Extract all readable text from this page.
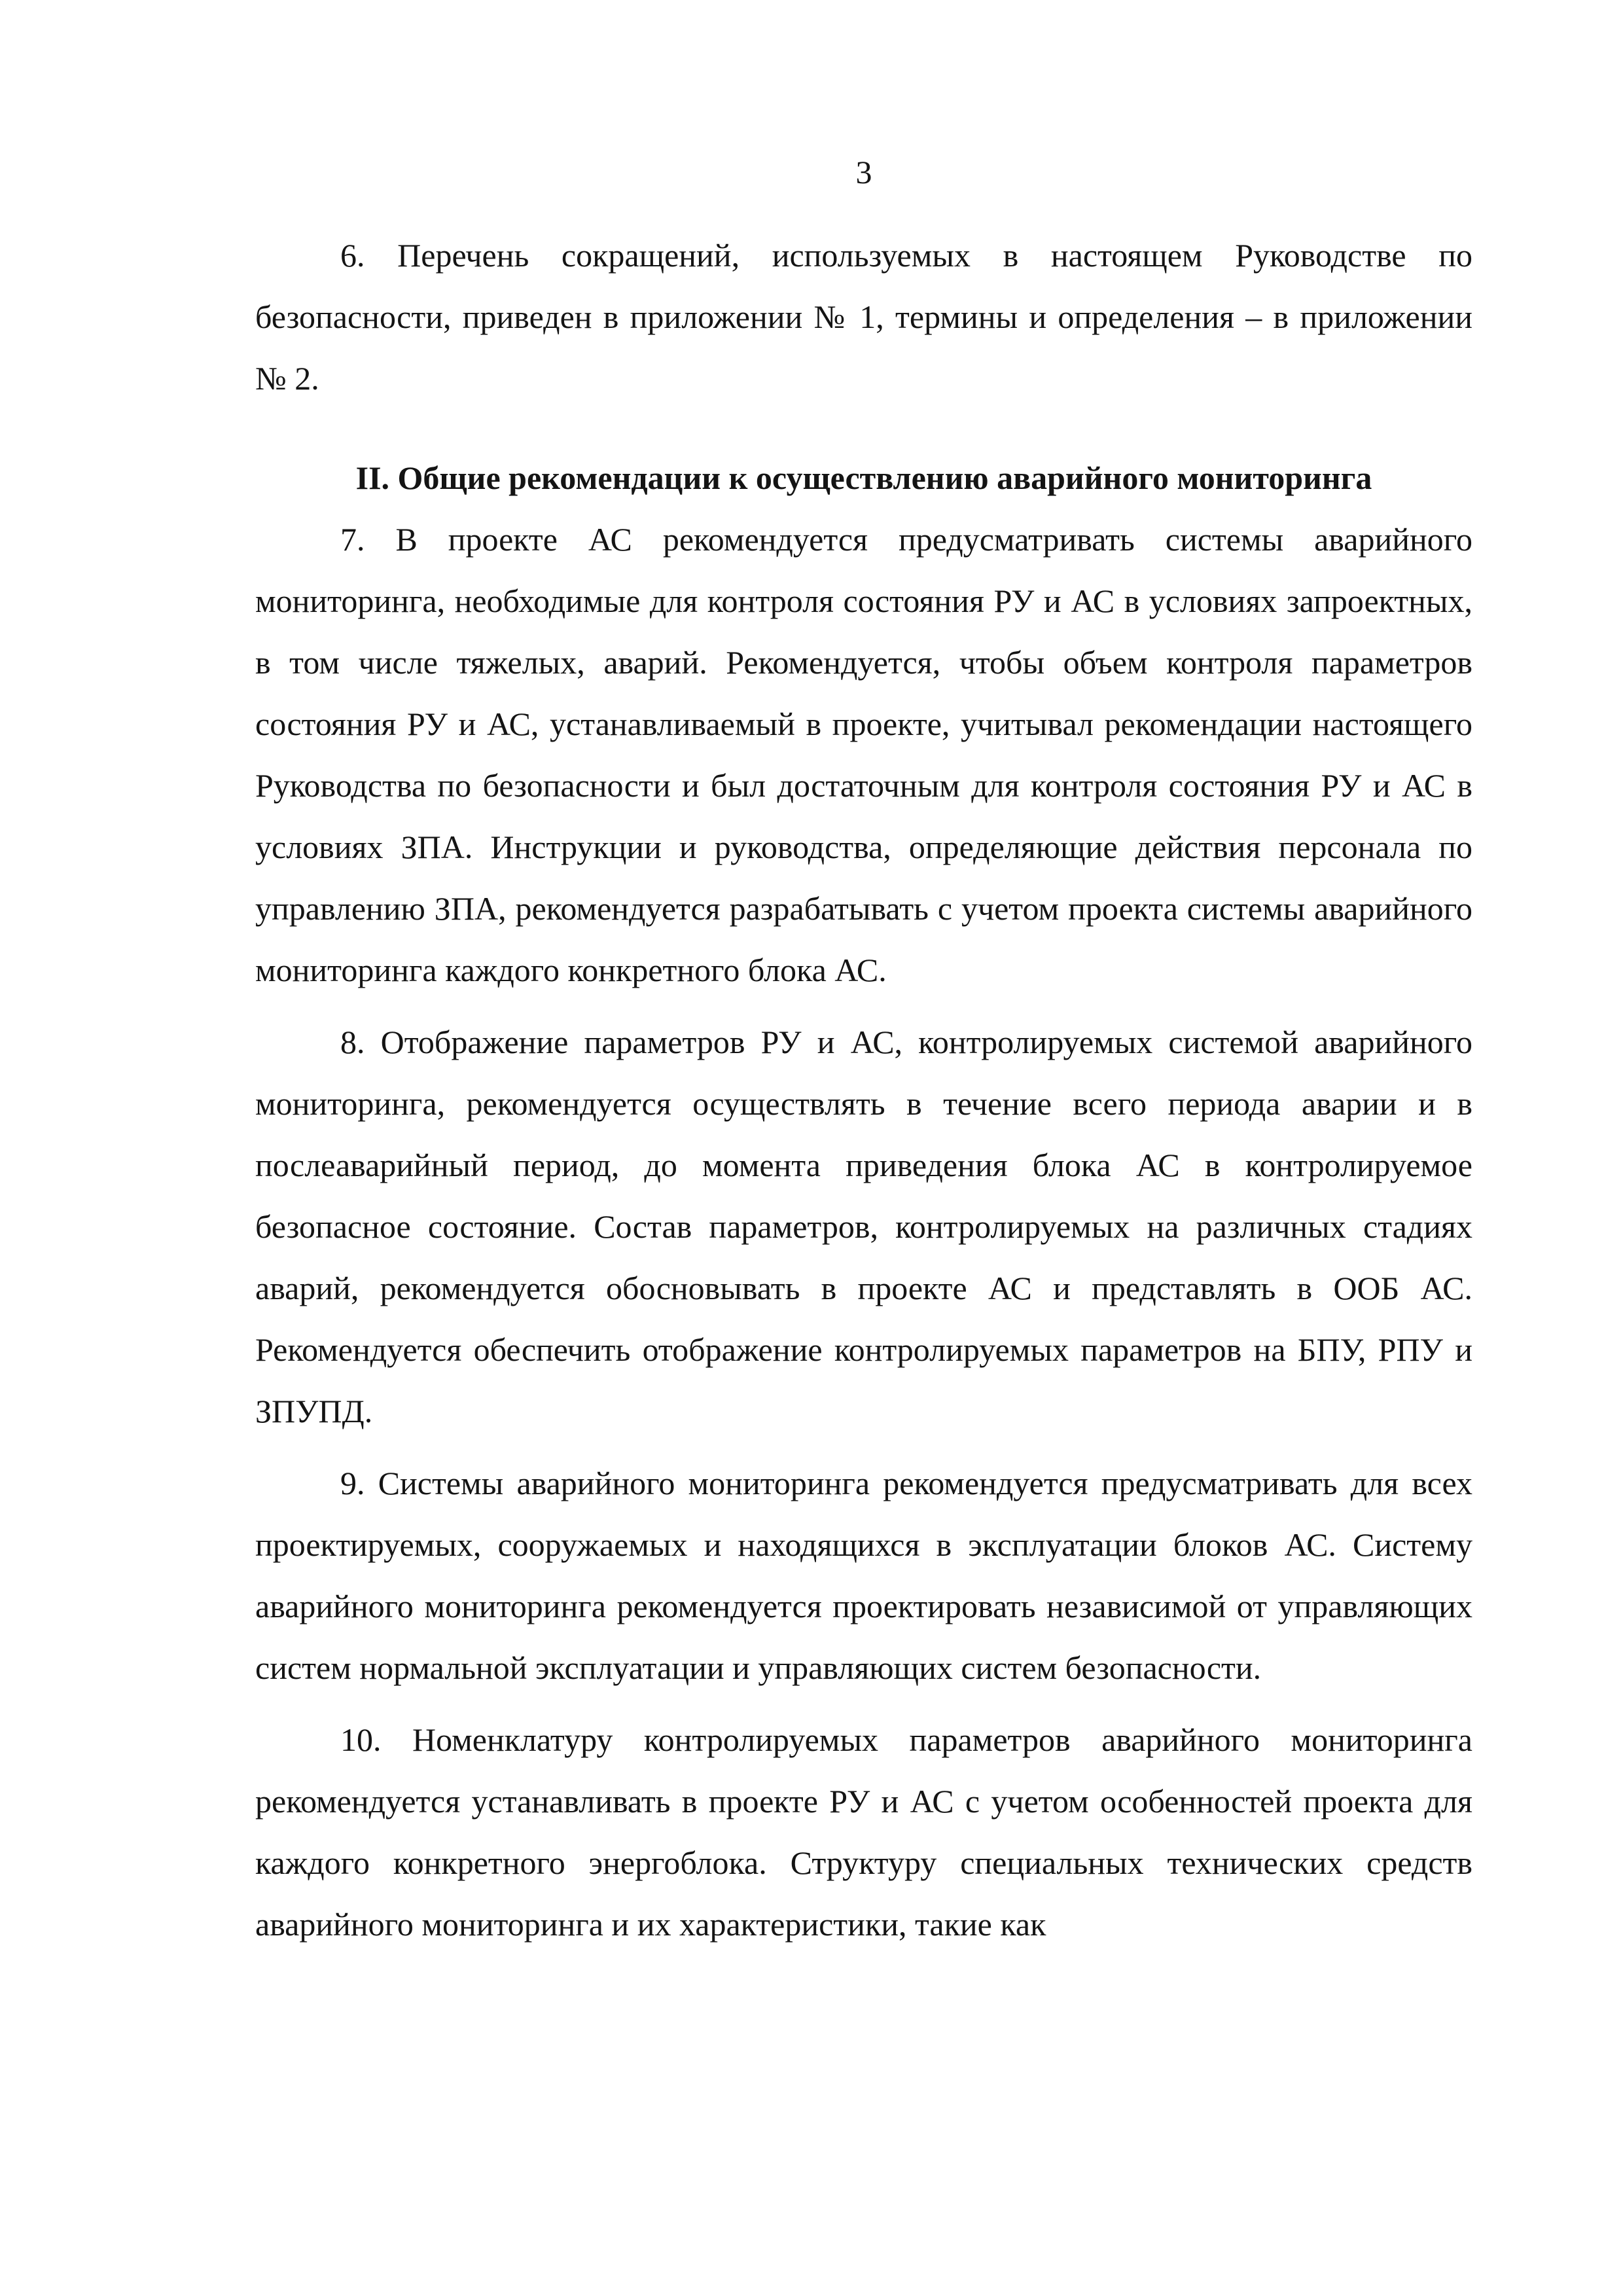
3

6. Перечень сокращений, используемых в настоящем Руководстве по безопасности, приведен в приложении № 1, термины и определения – в приложении № 2.

II. Общие рекомендации к осуществлению аварийного мониторинга

7. В проекте АС рекомендуется предусматривать системы аварийного мониторинга, необходимые для контроля состояния РУ и АС в условиях запроектных, в том числе тяжелых, аварий. Рекомендуется, чтобы объем контроля параметров состояния РУ и АС, устанавливаемый в проекте, учитывал рекомендации настоящего Руководства по безопасности и был достаточным для контроля состояния РУ и АС в условиях ЗПА. Инструкции и руководства, определяющие действия персонала по управлению ЗПА, рекомендуется разрабатывать с учетом проекта системы аварийного мониторинга каждого конкретного блока АС.

8. Отображение параметров РУ и АС, контролируемых системой аварийного мониторинга, рекомендуется осуществлять в течение всего периода аварии и в послеаварийный период, до момента приведения блока АС в контролируемое безопасное состояние. Состав параметров, контролируемых на различных стадиях аварий, рекомендуется обосновывать в проекте АС и представлять в ООБ АС. Рекомендуется обеспечить отображение контролируемых параметров на БПУ, РПУ и ЗПУПД.

9. Системы аварийного мониторинга рекомендуется предусматривать для всех проектируемых, сооружаемых и находящихся в эксплуатации блоков АС. Систему аварийного мониторинга рекомендуется проектировать независимой от управляющих систем нормальной эксплуатации и управляющих систем безопасности.

10. Номенклатуру контролируемых параметров аварийного мониторинга рекомендуется устанавливать в проекте РУ и АС с учетом особенностей проекта для каждого конкретного энергоблока. Структуру специальных технических средств аварийного мониторинга и их характеристики, такие как
